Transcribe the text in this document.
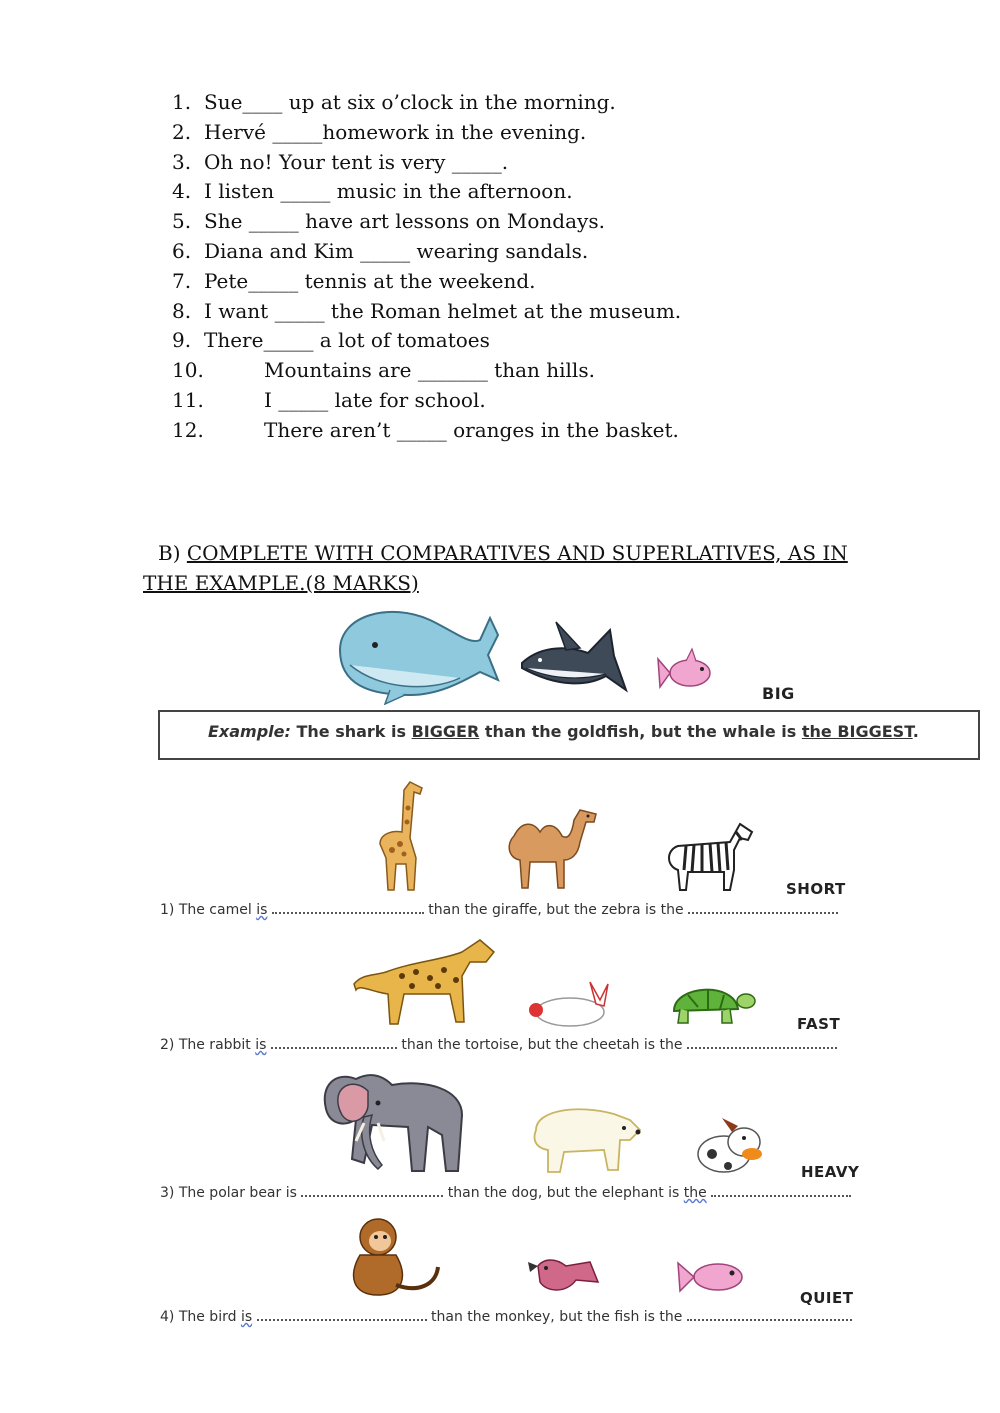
1. Sue____ up at six o’clock in the morning.
2. Hervé _____homework in the evening.
3. Oh no! Your tent is very _____.
4. I listen _____ music in the afternoon.
5. She _____ have art lessons on Mondays.
6. Diana and Kim _____ wearing sandals.
7. Pete_____ tennis at the weekend.
8. I want _____ the Roman helmet at the museum.
9. There_____ a lot of tomatoes
10.	Mountains are _______ than hills.
11.	I _____ late for school.
12.	There aren’t _____ oranges in the basket.
B) COMPLETE WITH COMPARATIVES AND SUPERLATIVES, AS IN THE EXAMPLE.(8 MARKS)
BIG
Example: The shark is BIGGER than the goldfish, but the whale is the BIGGEST.
SHORT
1) The camel is	than the giraffe, but the zebra is the
FAST
2) The rabbit is	than the tortoise, but the cheetah is the
HEAVY
3) The polar bear is	than the dog, but the elephant is the
QUIET
4) The bird is	than the monkey, but the fish is the
